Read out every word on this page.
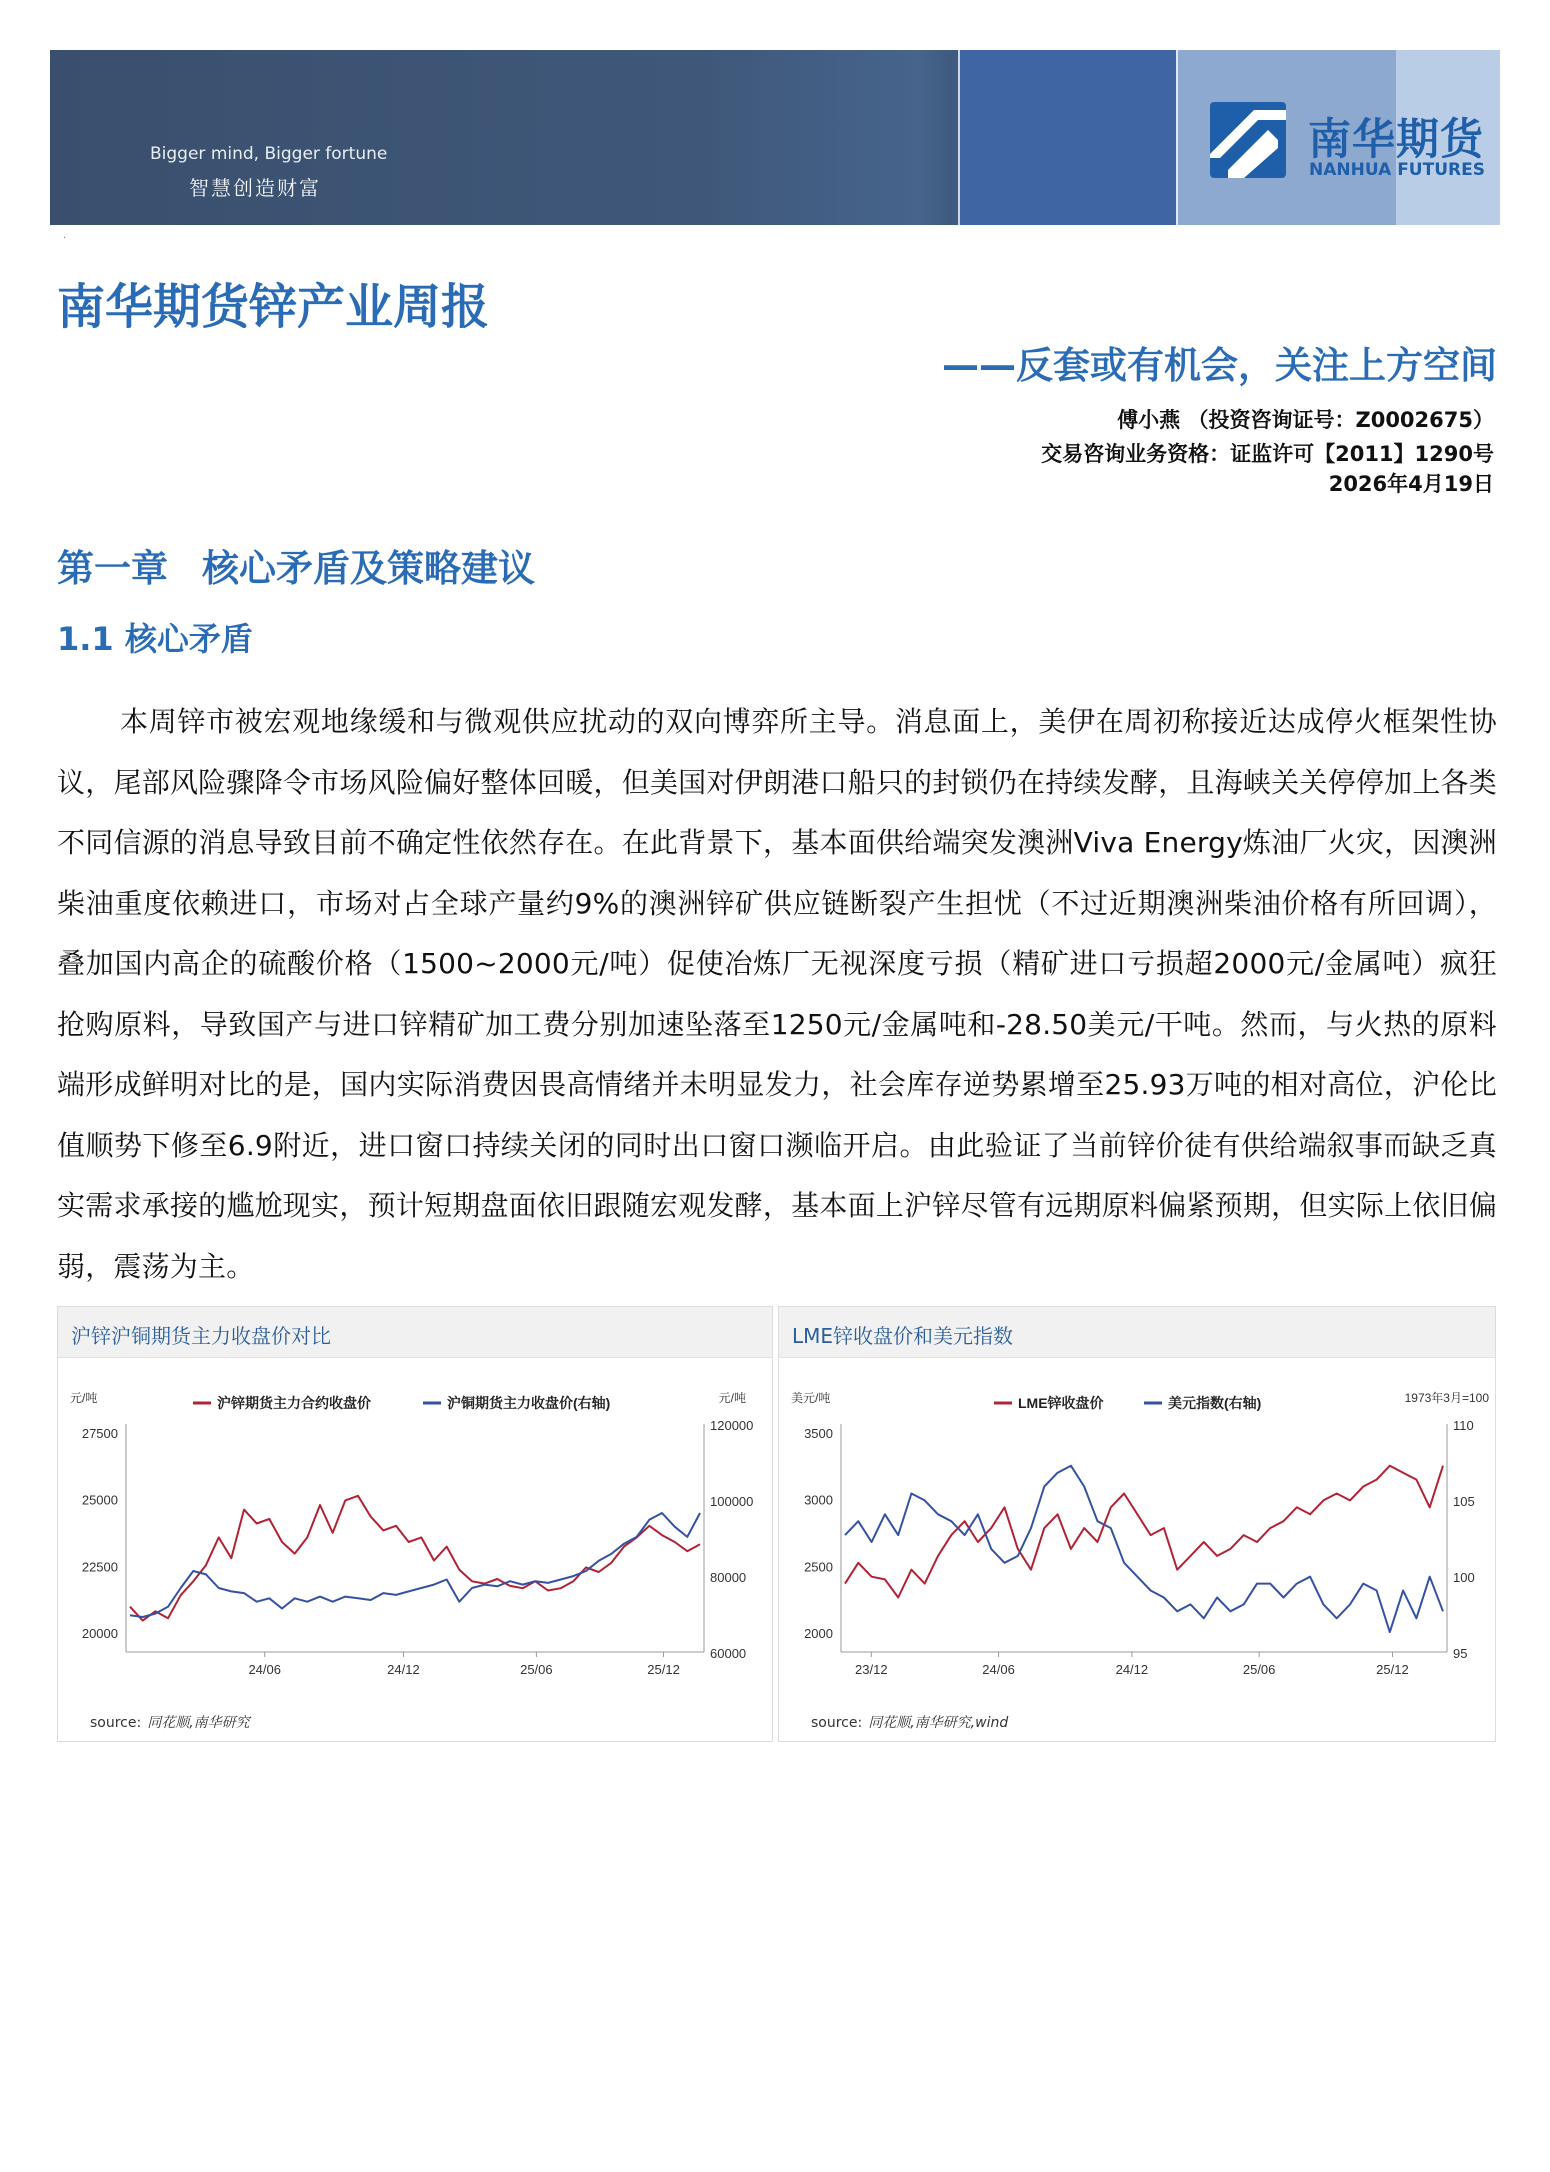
Bigger mind, Bigger fortune
智慧创造财富
南华期货
NANHUA FUTURES
·
南华期货锌产业周报
——反套或有机会，关注上方空间
傅小燕 （投资咨询证号：Z0002675）
交易咨询业务资格：证监许可【2011】1290号
2026年4月19日
第一章 核心矛盾及策略建议
1.1 核心矛盾
本周锌市被宏观地缘缓和与微观供应扰动的双向博弈所主导。消息面上，美伊在周初称接近达成停火框架性协议，尾部风险骤降令市场风险偏好整体回暖，但美国对伊朗港口船只的封锁仍在持续发酵，且海峡关关停停加上各类不同信源的消息导致目前不确定性依然存在。在此背景下，基本面供给端突发澳洲Viva Energy炼油厂火灾，因澳洲柴油重度依赖进口，市场对占全球产量约9%的澳洲锌矿供应链断裂产生担忧（不过近期澳洲柴油价格有所回调），叠加国内高企的硫酸价格（1500~2000元/吨）促使冶炼厂无视深度亏损（精矿进口亏损超2000元/金属吨）疯狂抢购原料，导致国产与进口锌精矿加工费分别加速坠落至1250元/金属吨和-28.50美元/干吨。然而，与火热的原料端形成鲜明对比的是，国内实际消费因畏高情绪并未明显发力，社会库存逆势累增至25.93万吨的相对高位，沪伦比值顺势下修至6.9附近，进口窗口持续关闭的同时出口窗口濒临开启。由此验证了当前锌价徒有供给端叙事而缺乏真实需求承接的尴尬现实，预计短期盘面依旧跟随宏观发酵，基本面上沪锌尽管有远期原料偏紧预期，但实际上依旧偏弱，震荡为主。
沪锌沪铜期货主力收盘价对比
元/吨	元/吨
27500
25000
22500
20000
120000
100000
80000
60000
24/06	24/12	25/06	25/12
沪锌期货主力合约收盘价	沪铜期货主力收盘价(右轴)
source: 同花顺,南华研究
LME锌收盘价和美元指数
美元/吨	1973年3月=100
3500
3000
2500
2000
110
105
100
95
23/12	24/06	24/12	25/06	25/12
LME锌收盘价	美元指数(右轴)
source: 同花顺,南华研究,wind
